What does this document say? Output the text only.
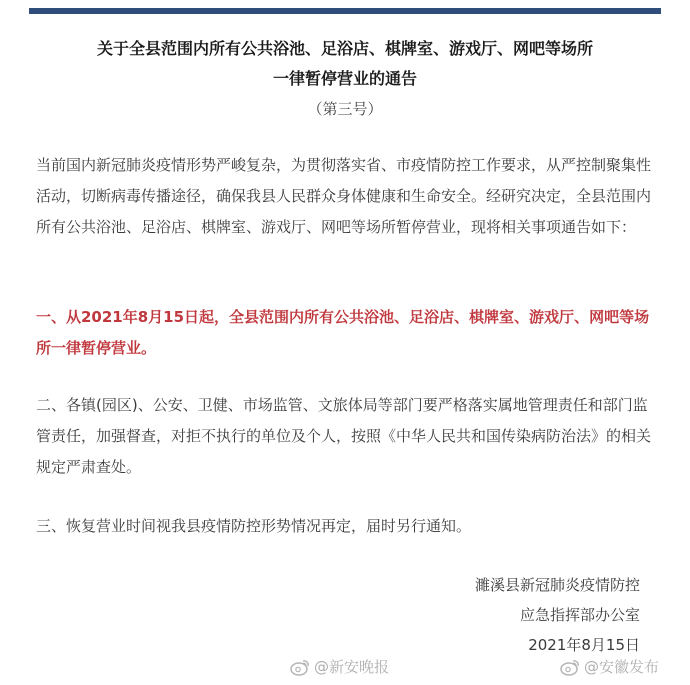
关于全县范围内所有公共浴池、足浴店、棋牌室、游戏厅、网吧等场所
一律暂停营业的通告
（第三号）
当前国内新冠肺炎疫情形势严峻复杂，为贯彻落实省、市疫情防控工作要求，从严控制聚集性活动，切断病毒传播途径，确保我县人民群众身体健康和生命安全。经研究决定，全县范围内所有公共浴池、足浴店、棋牌室、游戏厅、网吧等场所暂停营业，现将相关事项通告如下：
一、从2021年8月15日起，全县范围内所有公共浴池、足浴店、棋牌室、游戏厅、网吧等场所一律暂停营业。
二、各镇(园区)、公安、卫健、市场监管、文旅体局等部门要严格落实属地管理责任和部门监管责任，加强督查，对拒不执行的单位及个人，按照《中华人民共和国传染病防治法》的相关规定严肃查处。
三、恢复营业时间视我县疫情防控形势情况再定，届时另行通知。
濉溪县新冠肺炎疫情防控
应急指挥部办公室
2021年8月15日
@新安晚报	@安徽发布
